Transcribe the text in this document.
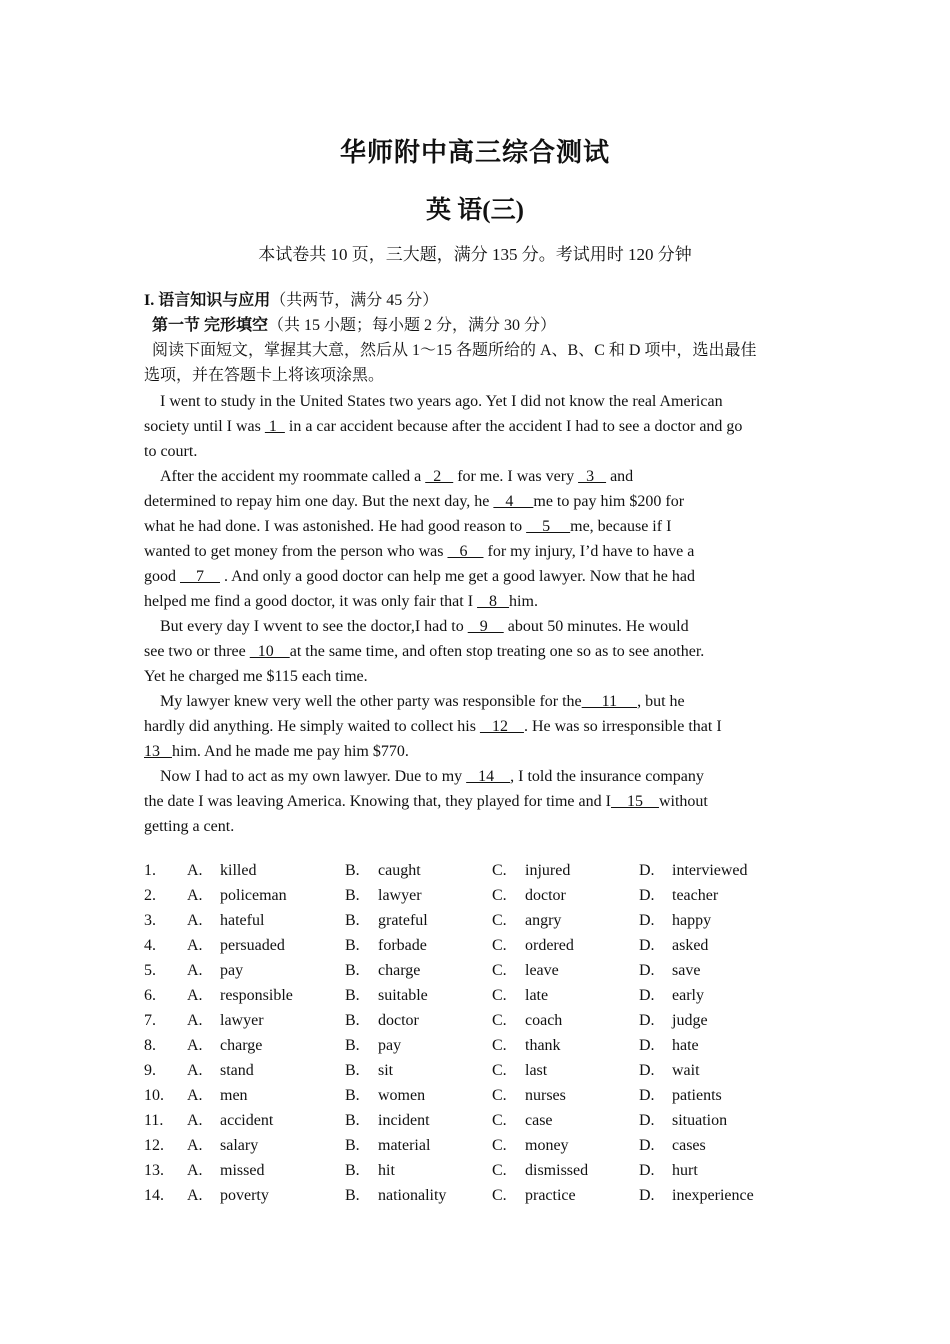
华师附中高三综合测试
英 语(三)
本试卷共 10 页，三大题，满分 135 分。考试用时 120 分钟
I. 语言知识与应用（共两节，满分 45 分）
第一节 完形填空（共 15 小题；每小题 2 分，满分 30 分）
阅读下面短文，掌握其大意，然后从 1～15 各题所给的 A、B、C 和 D 项中，选出最佳
选项，并在答题卡上将该项涂黑。
I went to study in the United States two years ago. Yet I did not know the real American
society until I was  1   in a car accident because after the accident I had to see a doctor and go
to court.
After the accident my roommate called a   2    for me. I was very   3    and
determined to repay him one day. But the next day, he    4     me to pay him $200 for
what he had done. I was astonished. He had good reason to     5     me, because if I
wanted to get money from the person who was    6     for my injury, I’d have to have a
good     7     . And only a good doctor can help me get a good lawyer. Now that he had
helped me find a good doctor, it was only fair that I    8   him.
But every day I wvent to see the doctor,I had to    9     about 50 minutes. He would
see two or three   10    at the same time, and often stop treating one so as to see another.
Yet he charged me $115 each time.
My lawyer knew very well the other party was responsible for the     11     , but he
hardly did anything. He simply waited to collect his    12    . He was so irresponsible that I
13   him. And he made me pay him $770.
Now I had to act as my own lawyer. Due to my    14    , I told the insurance company
the date I was leaving America. Knowing that, they played for time and I    15    without
getting a cent.
1. A. killed	B. caught	C. injured	D. interviewed
2. A. policeman	B. lawyer	C. doctor	D. teacher
3. A. hateful	B. grateful	C. angry	D. happy
4. A. persuaded	B. forbade	C. ordered	D. asked
5. A. pay	B. charge	C. leave	D. save
6. A. responsible	B. suitable	C. late	D. early
7. A. lawyer	B. doctor	C. coach	D. judge
8. A. charge	B. pay	C. thank	D. hate
9. A. stand	B. sit	C. last	D. wait
10. A. men	B. women	C. nurses	D. patients
11. A. accident	B. incident	C. case	D. situation
12. A. salary	B. material	C. money	D. cases
13. A. missed	B. hit	C. dismissed	D. hurt
14. A. poverty	B. nationality	C. practice	D. inexperience
